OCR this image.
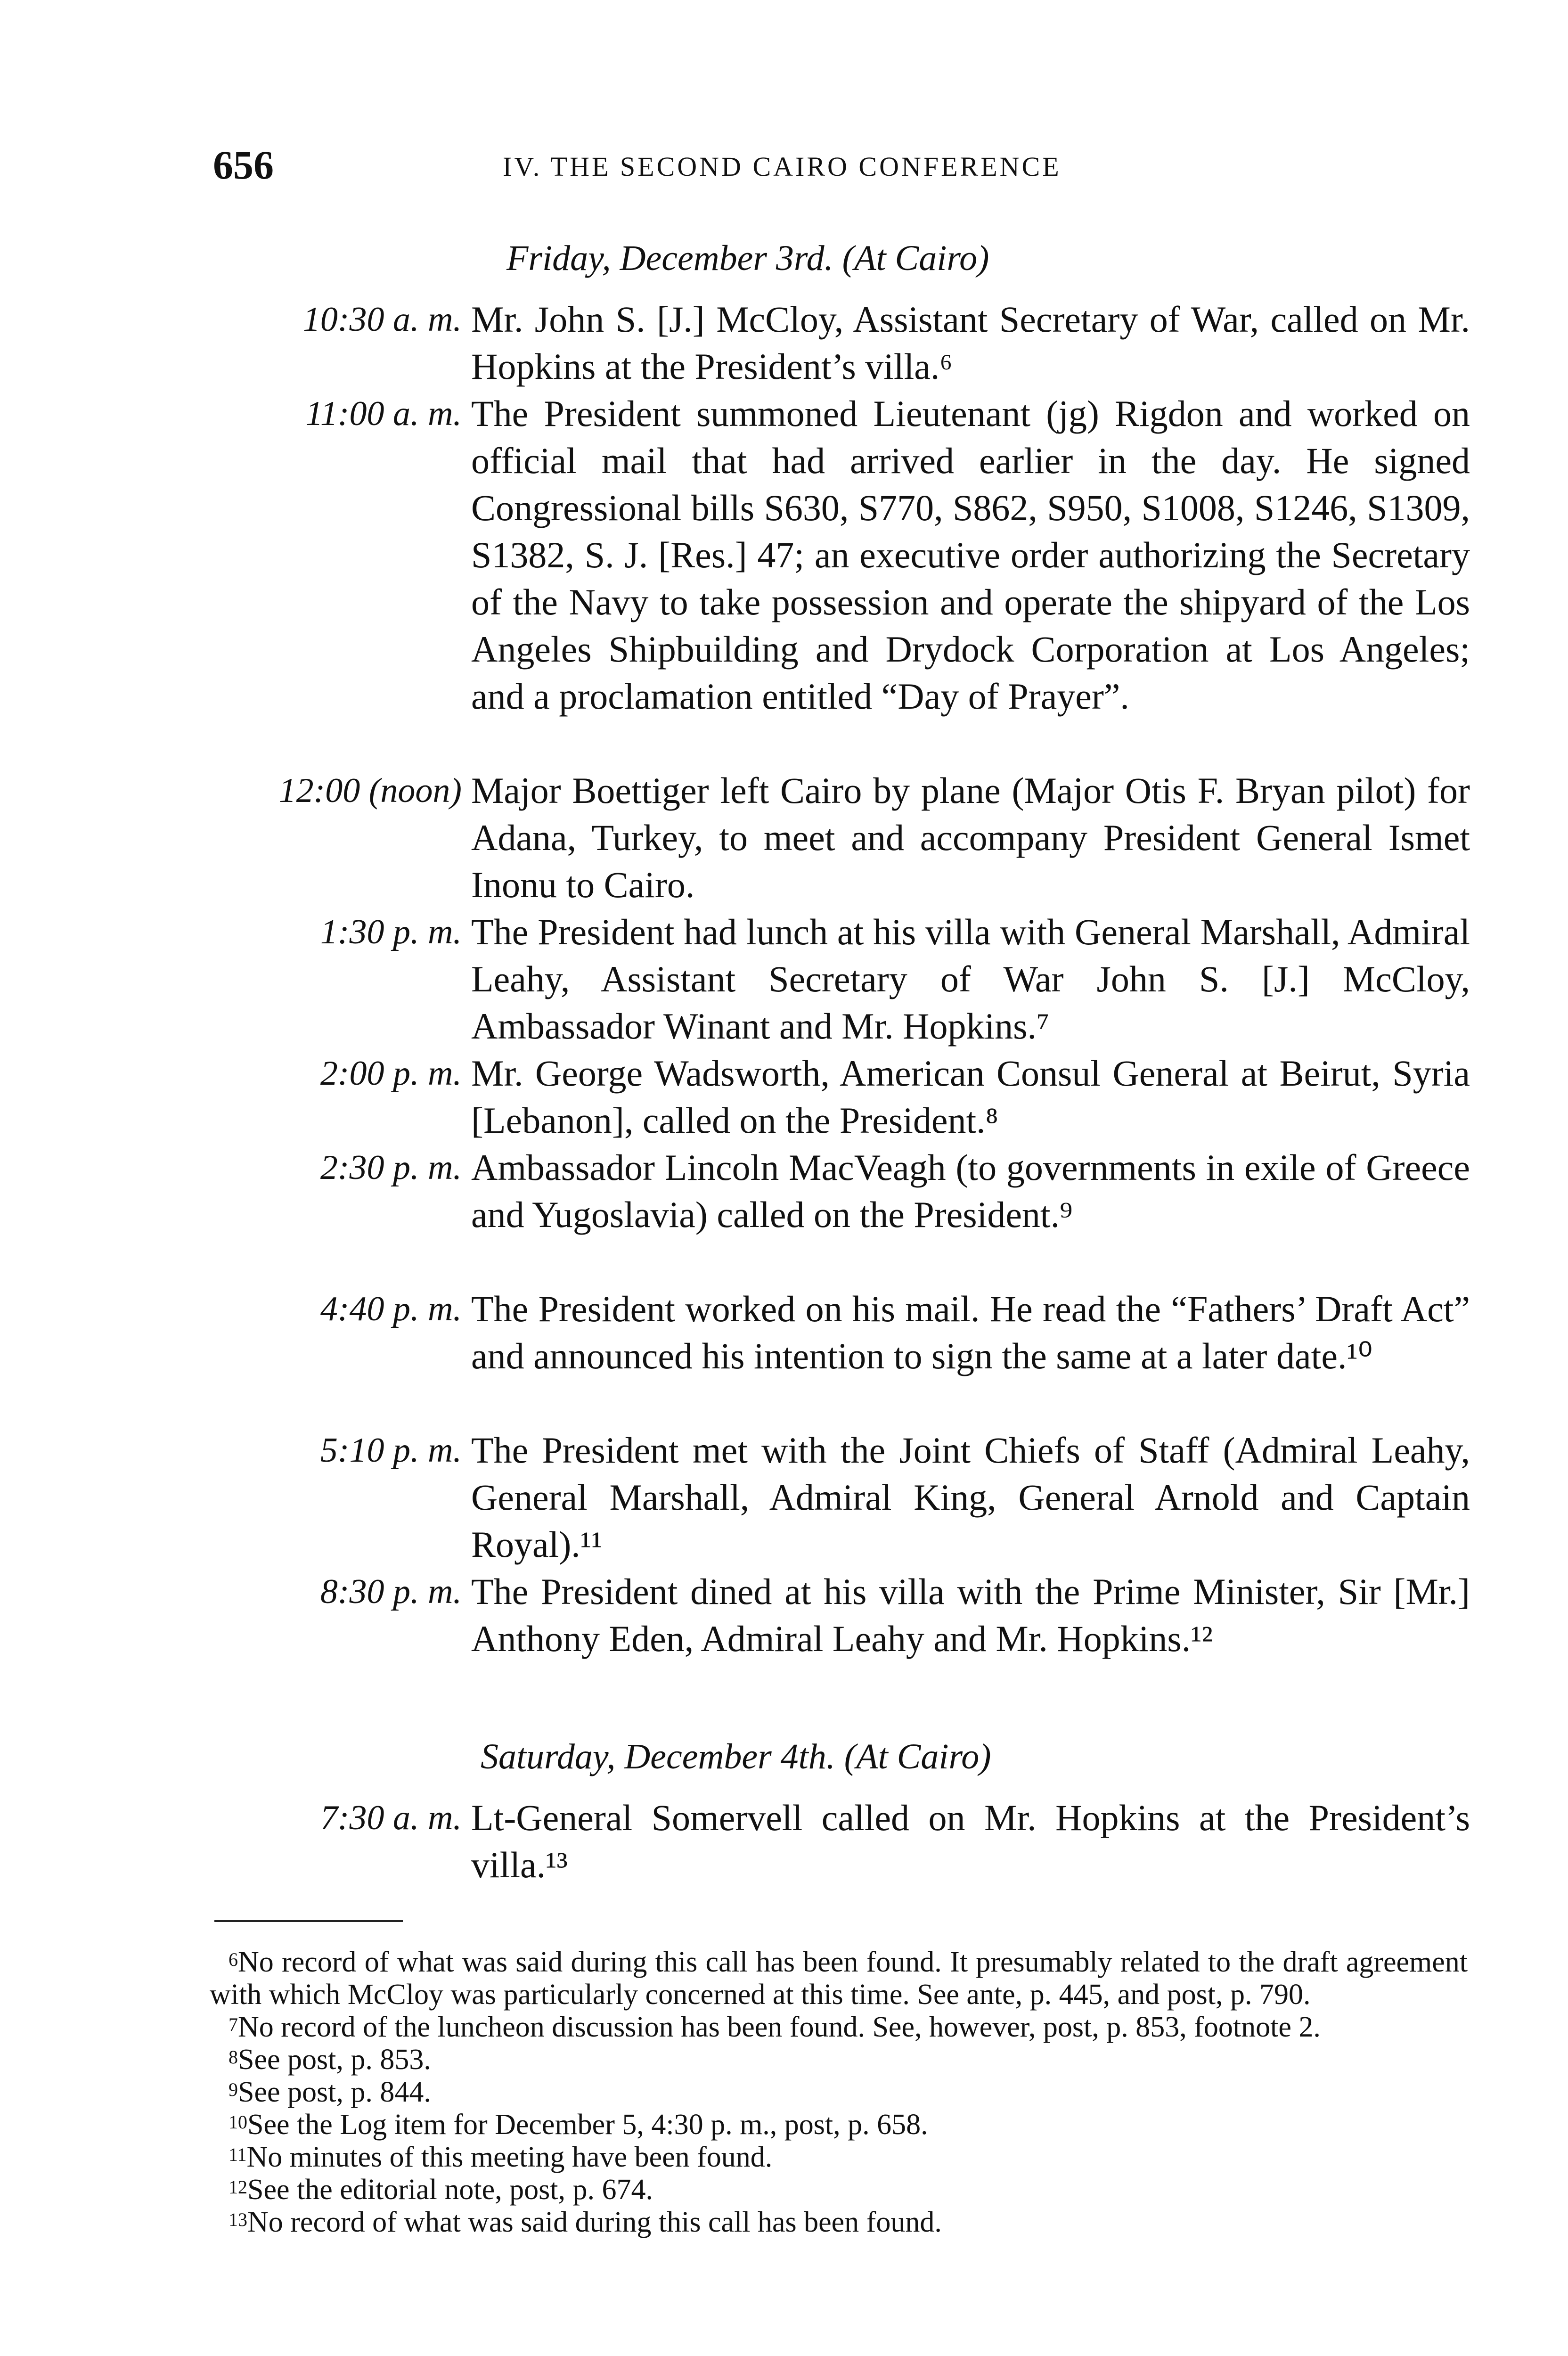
656	IV. THE SECOND CAIRO CONFERENCE
Friday, December 3rd. (At Cairo)
10:30 a. m. Mr. John S. [J.] McCloy, Assistant Secretary of War, called on Mr. Hopkins at the President’s villa.⁶
11:00 a. m. The President summoned Lieutenant (jg) Rigdon and worked on official mail that had arrived earlier in the day. He signed Congressional bills S630, S770, S862, S950, S1008, S1246, S1309, S1382, S. J. [Res.] 47; an executive order authorizing the Secretary of the Navy to take possession and operate the shipyard of the Los Angeles Shipbuilding and Drydock Corporation at Los Angeles; and a proclamation entitled “Day of Prayer”.
12:00 (noon) Major Boettiger left Cairo by plane (Major Otis F. Bryan pilot) for Adana, Turkey, to meet and accompany President General Ismet Inonu to Cairo.
1:30 p. m. The President had lunch at his villa with General Marshall, Admiral Leahy, Assistant Secretary of War John S. [J.] McCloy, Ambassador Winant and Mr. Hopkins.⁷
2:00 p. m. Mr. George Wadsworth, American Consul General at Beirut, Syria [Lebanon], called on the President.⁸
2:30 p. m. Ambassador Lincoln MacVeagh (to governments in exile of Greece and Yugoslavia) called on the President.⁹
4:40 p. m. The President worked on his mail. He read the “Fathers’ Draft Act” and announced his intention to sign the same at a later date.¹⁰
5:10 p. m. The President met with the Joint Chiefs of Staff (Admiral Leahy, General Marshall, Admiral King, General Arnold and Captain Royal).¹¹
8:30 p. m. The President dined at his villa with the Prime Minister, Sir [Mr.] Anthony Eden, Admiral Leahy and Mr. Hopkins.¹²
Saturday, December 4th. (At Cairo)
7:30 a. m. Lt-General Somervell called on Mr. Hopkins at the President’s villa.¹³
$^6$No record of what was said during this call has been found. It presumably related to the draft agreement with which McCloy was particularly concerned at this time. See ante, p. 445, and post, p. 790.
$^7$No record of the luncheon discussion has been found. See, however, post, p. 853, footnote 2.
$^8$See post, p. 853.
$^9$See post, p. 844.
$^{10}$See the Log item for December 5, 4:30 p. m., post, p. 658.
$^{11}$No minutes of this meeting have been found.
$^{12}$See the editorial note, post, p. 674.
$^{13}$No record of what was said during this call has been found.
